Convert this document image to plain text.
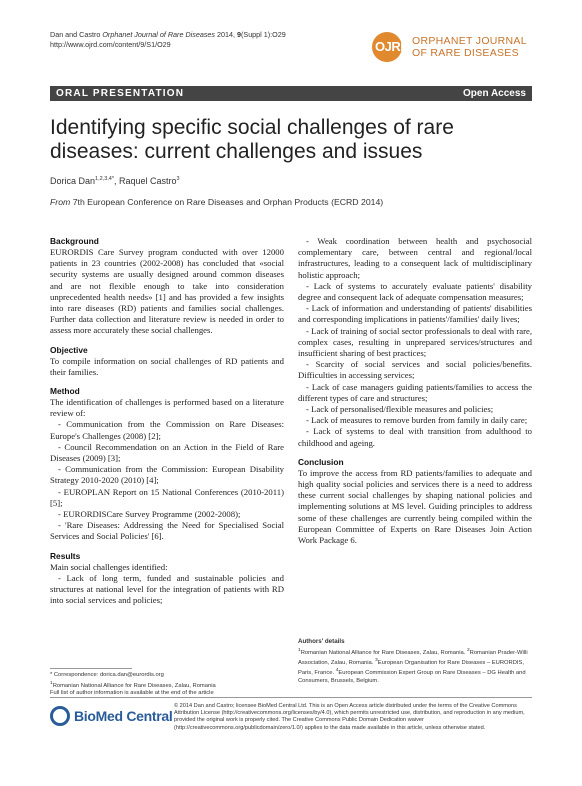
Dan and Castro Orphanet Journal of Rare Diseases 2014, 9(Suppl 1):O29
http://www.ojrd.com/content/9/S1/O29	OJRD ORPHANET JOURNAL
OF RARE DISEASES
ORAL PRESENTATION	Open Access
Identifying specific social challenges of rare diseases: current challenges and issues
Dorica Dan$^{1,2,3,4*}$, Raquel Castro$^3$
From 7th European Conference on Rare Diseases and Orphan Products (ECRD 2014)
Background

EURORDIS Care Survey program conducted with over 12000 patients in 23 countries (2002-2008) has concluded that «social security systems are usually designed around common diseases and are not flexible enough to take into consideration unprecedented health needs» [1] and has provided a few insights into rare diseases (RD) patients and families social challenges. Further data collection and literature review is needed in order to assess more accurately these social challenges.

Objective

To compile information on social challenges of RD patients and their families.

Method

The identification of challenges is performed based on a literature review of:

- Communication from the Commission on Rare Diseases: Europe's Challenges (2008) [2];

- Council Recommendation on an Action in the Field of Rare Diseases (2009) [3];

- Communication from the Commission: European Disability Strategy 2010-2020 (2010) [4];

- EUROPLAN Report on 15 National Conferences (2010-2011) [5];

- EURORDISCare Survey Programme (2002-2008);

- 'Rare Diseases: Addressing the Need for Specialised Social Services and Social Policies' [6].

Results

Main social challenges identified:

- Lack of long term, funded and sustainable policies and structures at national level for the integration of patients with RD into social services and policies;

- Weak coordination between health and psychosocial complementary care, between central and regional/local infrastructures, leading to a consequent lack of multidisciplinary holistic approach;

- Lack of systems to accurately evaluate patients' disability degree and consequent lack of adequate compensation measures;

- Lack of information and understanding of patients' disabilities and corresponding implications in patients'/families' daily lives;

- Lack of training of social sector professionals to deal with rare, complex cases, resulting in unprepared services/structures and insufficient sharing of best practices;

- Scarcity of social services and social policies/benefits. Difficulties in accessing services;

- Lack of case managers guiding patients/families to access the different types of care and structures;

- Lack of personalised/flexible measures and policies;

- Lack of measures to remove burden from family in daily care;

- Lack of systems to deal with transition from adulthood to childhood and ageing.

Conclusion

To improve the access from RD patients/families to adequate and high quality social policies and services there is a need to address these current social challenges by shaping national policies and implementing solutions at MS level. Guiding principles to address some of these challenges are currently being compiled within the European Committee of Experts on Rare Diseases Join Action Work Package 6.

Authors' details
$^1$Romanian National Alliance for Rare Diseases, Zalau, Romania. $^2$Romanian Prader-Willi Association, Zalau, Romania. $^3$European Organisation for Rare Diseases – EURORDIS, Paris, France. $^4$European Commission Expert Group on Rare Diseases – DG Health and Consumers, Brussels, Belgium.
* Correspondence: dorica.dan@eurordis.org
$^1$Romanian National Alliance for Rare Diseases, Zalau, Romania
Full list of author information is available at the end of the article
BioMed Central
© 2014 Dan and Castro; licensee BioMed Central Ltd. This is an Open Access article distributed under the terms of the Creative Commons Attribution License (http://creativecommons.org/licenses/by/4.0), which permits unrestricted use, distribution, and reproduction in any medium, provided the original work is properly cited. The Creative Commons Public Domain Dedication waiver (http://creativecommons.org/publicdomain/zero/1.0/) applies to the data made available in this article, unless otherwise stated.
